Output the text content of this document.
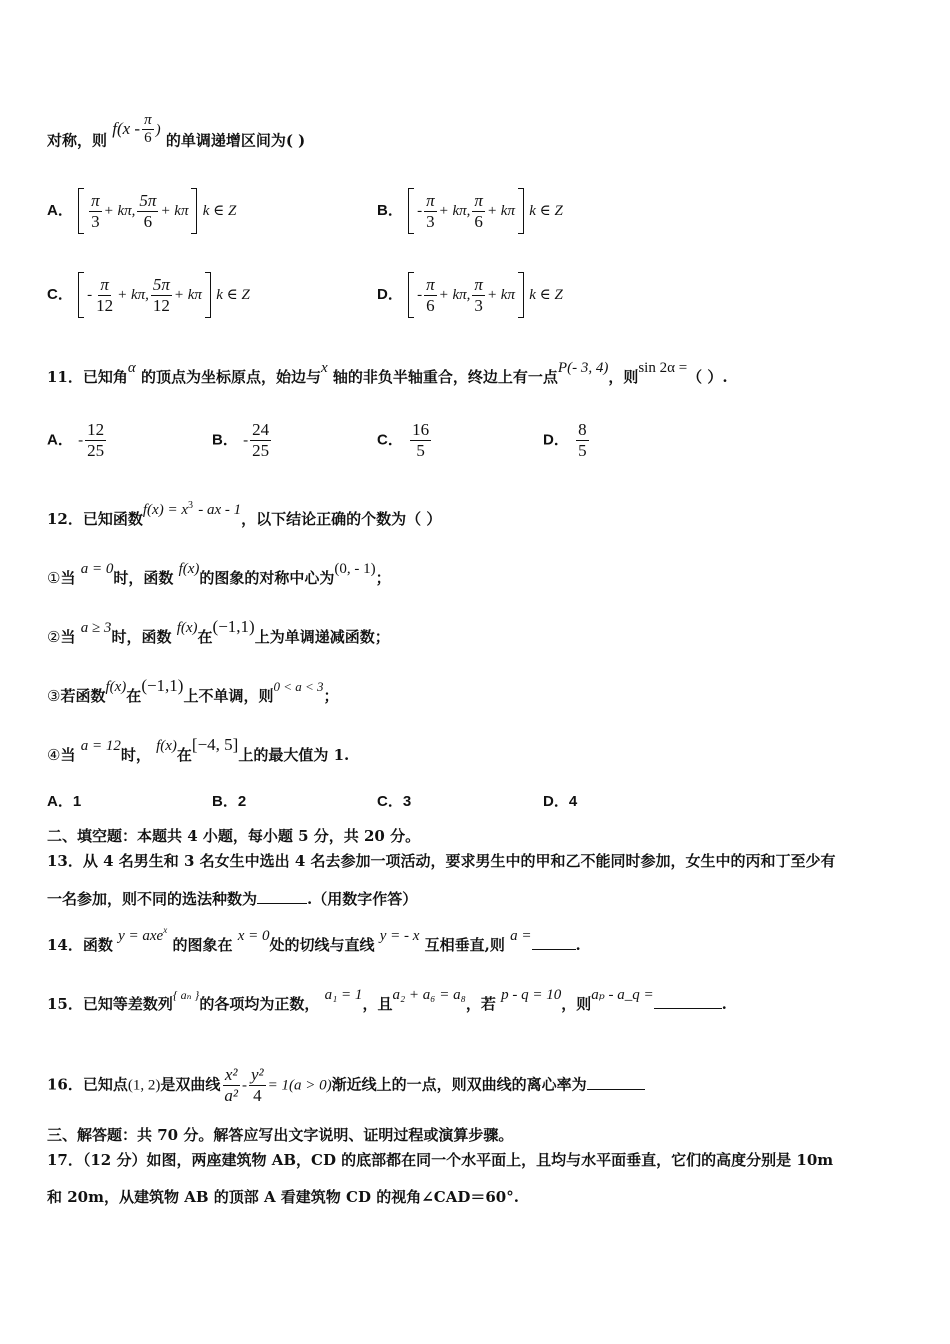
对称，则 $f(x - \frac{\pi}{6}$ ) 的单调递增区间为( )
A． $\frac{\pi}{3} + k\pi$, $\frac{5\pi}{6} + k\pi$ k ∈ Z	B． - $\frac{\pi}{3} + k\pi$, $\frac{\pi}{6} + k\pi$ k ∈ Z
C． - $\frac{\pi}{12} + k\pi$, $\frac{5\pi}{12} + k\pi$ k ∈ Z	D． - $\frac{\pi}{6} + k\pi$, $\frac{\pi}{3} + k\pi$ k ∈ Z
11．已知角α 的顶点为坐标原点，始边与x 轴的非负半轴重合，终边上有一点P(- 3, 4)，则sin 2α =（ ）.
A． - $\frac{12}{25}$	B． - $\frac{24}{25}$	C． $\frac{16}{5}$	D． $\frac{8}{5}$
12．已知函数$f(x) = x^3$ - ax - 1，以下结论正确的个数为（ ）
①当 a = 0时，函数 f(x)的图象的对称中心为(0, - 1)；
②当 a ≥ 3时，函数 f(x)在(−1,1)上为单调递减函数；
③若函数f(x)在(−1,1)上不单调，则0 < a < 3；
④当 a = 12时， f(x)在[−4, 5]上的最大值为 1.
A．1	B．2	C．3	D．4
二、填空题：本题共 4 小题，每小题 5 分，共 20 分。
13．从 4 名男生和 3 名女生中选出 4 名去参加一项活动，要求男生中的甲和乙不能同时参加，女生中的丙和丁至少有
一名参加，则不同的选法种数为	.（用数字作答）
14．函数 y = axe$^x$ 的图象在 x = 0处的切线与直线 y = - x 互相垂直,则 a =	.
15．已知等差数列$^{\{ a_n \}}$的各项均为正数， a₁ = 1，且a₂ + a₆ = a₈，若 p - q = 10，则aₚ - a_q =	.
16．已知点(1, 2)是双曲线 $\frac{\text{x²}}{\text{a²}} - \frac{\text{y²}}{4} = 1(a > 0)$渐近线上的一点，则双曲线的离心率为
三、解答题：共 70 分。解答应写出文字说明、证明过程或演算步骤。
17．（12 分）如图，两座建筑物 AB，CD 的底部都在同一个水平面上，且均与水平面垂直，它们的高度分别是 10m
和 20m，从建筑物 AB 的顶部 A 看建筑物 CD 的视角∠CAD＝60°.
